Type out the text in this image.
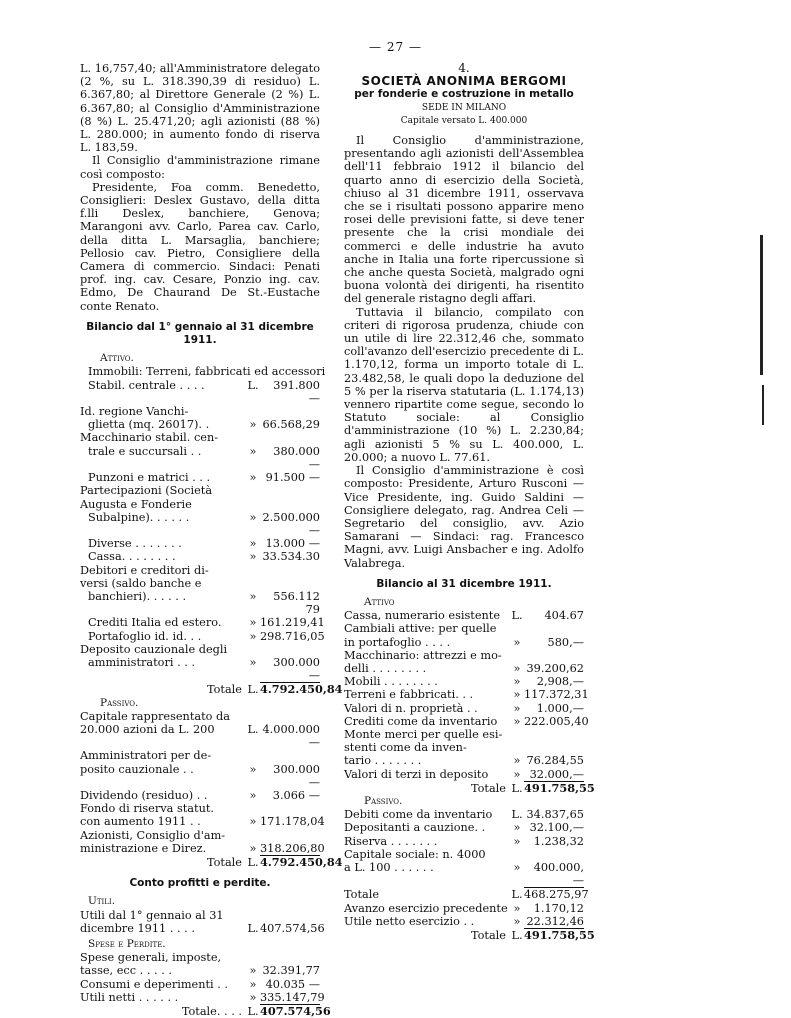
— 27 —

L. 16,757,40; all'Amministratore delegato (2 %, su L. 318.390,39 di residuo) L. 6.367,80; al Direttore Generale (2 %) L. 6.367,80; al Consiglio d'Amministrazione (8 %) L. 25.471,20; agli azionisti (88 %) L. 280.000; in aumento fondo di riserva L. 183,59.

Il Consiglio d'amministrazione rimane così composto:

Presidente, Foa comm. Benedetto, Consiglieri: Deslex Gustavo, della ditta f.lli Deslex, banchiere, Genova; Marangoni avv. Carlo, Parea cav. Carlo, della ditta L. Marsaglia, banchiere; Pellosio cav. Pietro, Consigliere della Camera di commercio. Sindaci: Penati prof. ing. cav. Cesare, Ponzio ing. cav. Edmo, De Chaurand De St.-Eustache conte Renato.

Bilancio dal 1° gennaio al 31 dicembre 1911.
Attivo.
Immobili: Terreni, fabbricati ed accessori
Stabil. centrale . . . .	L.	391.800 —
Id. regione Vanchi-
glietta (mq. 26017). .	» 66.568,29
Macchinario stabil. cen-
trale e succursali . .	»	380.000 —
Punzoni e matrici . . .	» 91.500 —
Partecipazioni (Società
Augusta e Fonderie
Subalpine). . . . . .	» 2.500.000 —
Diverse . . . . . . .	» 13.000 —
Cassa. . . . . . . .	» 33.534.30
Debitori e creditori di-
versi (saldo banche e
banchieri). . . . . .	»	556.112 79
Crediti Italia ed estero.	» 161.219,41
Portafoglio id. id. . .	» 298.716,05
Deposito cauzionale degli
amministratori . . .	»	300.000 —
Totale L. 4.792.450,84
Passivo.
Capitale rappresentato da
20.000 azioni da L. 200	L. 4.000.000 —
Amministratori per de-
posito cauzionale . .	»	300.000 —
Dividendo (residuo) . .	»	3.066 —
Fondo di riserva statut.
con aumento 1911 . .	» 171.178,04
Azionisti, Consiglio d'am-
ministrazione e Direz.	» 318.206,80
Totale L. 4.792.450,84
Conto profitti e perdite.
Utili.
Utili dal 1° gennaio al 31
dicembre 1911 . . . .	L. 407.574,56
Spese e Perdite.
Spese generali, imposte,
tasse, ecc . . . . .	» 32.391,77
Consumi e deperimenti . .	» 40.035 —
Utili netti . . . . . .	» 335.147,79
Totale. . . . L. 407.574,56
4.
SOCIETÀ ANONIMA BERGOMI
per fonderie e costruzione in metallo
SEDE IN MILANO
Capitale versato L. 400.000

Il Consiglio d'amministrazione, presentando agli azionisti dell'Assemblea dell'11 febbraio 1912 il bilancio del quarto anno di esercizio della Società, chiuso al 31 dicembre 1911, osservava che se i risultati possono apparire meno rosei delle previsioni fatte, si deve tener presente che la crisi mondiale dei commerci e delle industrie ha avuto anche in Italia una forte ripercussione sì che anche questa Società, malgrado ogni buona volontà dei dirigenti, ha risentito del generale ristagno degli affari.

Tuttavia il bilancio, compilato con criteri di rigorosa prudenza, chiude con un utile di lire 22.312,46 che, sommato coll'avanzo dell'esercizio precedente di L. 1.170,12, forma un importo totale di L. 23.482,58, le quali dopo la deduzione del 5 % per la riserva statutaria (L. 1.174,13) vennero ripartite come segue, secondo lo Statuto sociale: al Consiglio d'amministrazione (10 %) L. 2.230,84; agli azionisti 5 % su L. 400.000, L. 20.000; a nuovo L. 77.61.

Il Consiglio d'amministrazione è così composto: Presidente, Arturo Rusconi — Vice Presidente, ing. Guido Saldini — Consigliere delegato, rag. Andrea Celi — Segretario del consiglio, avv. Azio Samarani — Sindaci: rag. Francesco Magni, avv. Luigi Ansbacher e ing. Adolfo Valabrega.

Bilancio al 31 dicembre 1911.
Attivo
Cassa, numerario esistente	L.	404.67
Cambiali attive: per quelle
in portafoglio . . . .	»	580,—
Macchinario: attrezzi e mo-
delli . . . . . . . .	» 39.200,62
Mobili . . . . . . . .	»	2,908,—
Terreni e fabbricati. . .	» 117.372,31
Valori di n. proprietà . .	»	1.000,—
Crediti come da inventario	» 222.005,40
Monte merci per quelle esi-
stenti come da inven-
tario . . . . . . .	» 76.284,55
Valori di terzi in deposito	» 32.000,—
Totale L. 491.758,55
Passivo.
Debiti come da inventario	L. 34.837,65
Depositanti a cauzione. .	» 32.100,—
Riserva . . . . . . .	»	1.238,32
Capitale sociale: n. 4000
a L. 100 . . . . . .	»	400.000,—
Totale	L. 468.275,97
Avanzo esercizio precedente »	1.170,12
Utile netto esercizio . .	» 22.312,46
Totale L. 491.758,55
